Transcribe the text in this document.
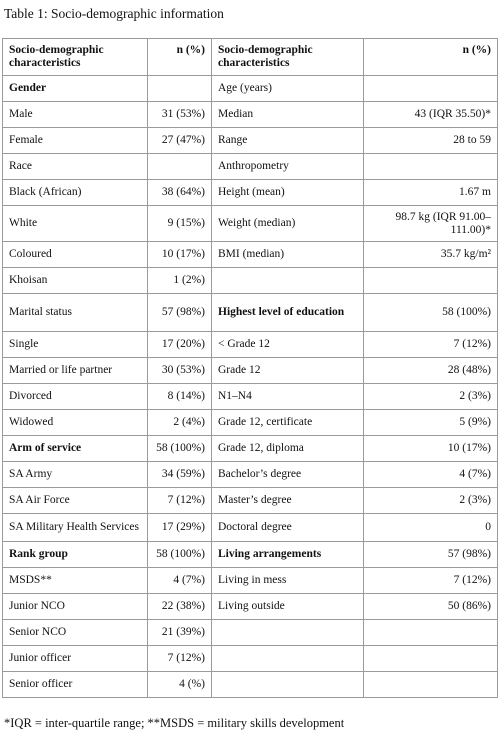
Table 1: Socio-demographic information
Socio-demographic characteristics	n (%)	Socio-demographic characteristics	n (%)
Gender		Age (years)	
Male	31 (53%)	Median	43 (IQR 35.50)*
Female	27 (47%)	Range	28 to 59
Race		Anthropometry	
Black (African)	38 (64%)	Height (mean)	1.67 m
White	9 (15%)	Weight (median)	98.7 kg (IQR 91.00–111.00)*
Coloured	10 (17%)	BMI (median)	35.7 kg/m²
Khoisan	1 (2%)		
Marital status	57 (98%)	Highest level of education	58 (100%)
Single	17 (20%)	< Grade 12	7 (12%)
Married or life partner	30 (53%)	Grade 12	28 (48%)
Divorced	8 (14%)	N1–N4	2 (3%)
Widowed	2 (4%)	Grade 12, certificate	5 (9%)
Arm of service	58 (100%)	Grade 12, diploma	10 (17%)
SA Army	34 (59%)	Bachelor’s degree	4 (7%)
SA Air Force	7 (12%)	Master’s degree	2 (3%)
SA Military Health Services	17 (29%)	Doctoral degree	0
Rank group	58 (100%)	Living arrangements	57 (98%)
MSDS**	4 (7%)	Living in mess	7 (12%)
Junior NCO	22 (38%)	Living outside	50 (86%)
Senior NCO	21 (39%)		
Junior officer	7 (12%)		
Senior officer	4 (%)		
*IQR = inter-quartile range; **MSDS = military skills development
